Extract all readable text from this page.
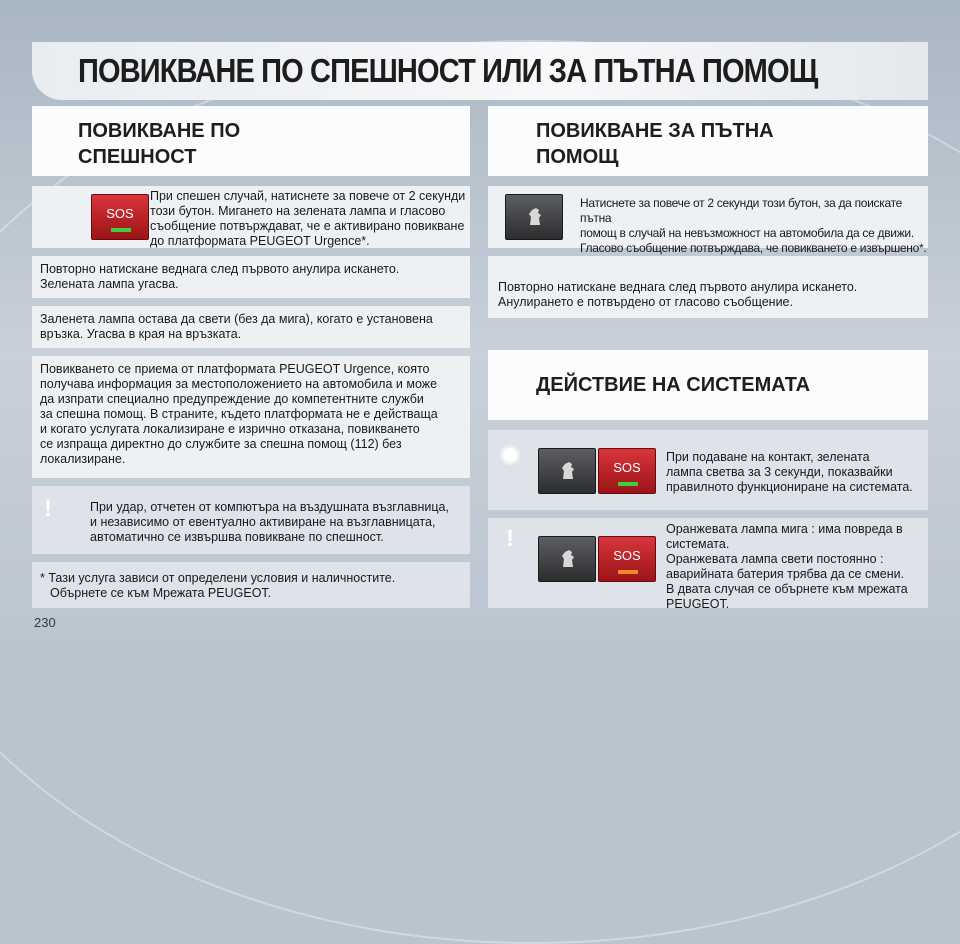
ПОВИКВАНЕ ПО СПЕШНОСТ ИЛИ ЗА ПЪТНА ПОМОЩ
ПОВИКВАНЕ ПО
СПЕШНОСТ
SOS
При спешен случай, натиснете за повече от 2 секунди
този бутон. Мигането на зелената лампа и гласово
съобщение потвърждават, че е активирано повикване
до платформата PEUGEOT Urgence*.
Повторно натискане веднага след първото анулира искането.
Зелената лампа угасва.
Заленета лампа остава да свети (без да мига), когато е установена
връзка. Угасва в края на връзката.
Повикването се приема от платформата PEUGEOT Urgence, която
получава информация за местоположението на автомобила и може
да изпрати специално предупреждение до компетентните служби
за спешна помощ. В страните, където платформата не е действаща
и когато услугата локализиране е изрично отказана, повикването
се изпраща директно до службите за спешна помощ (112) без
локализиране.
!	При удар, отчетен от компютъра на въздушната възглавница,
и независимо от евентуално активиране на възглавницата,
автоматично се извършва повикване по спешност.
* Тази услуга зависи от определени условия и наличностите.
Обърнете се към Мрежата PEUGEOT.
ПОВИКВАНЕ ЗА ПЪТНА
ПОМОЩ
Натиснете за повече от 2 секунди този бутон, за да поискате пътна
помощ в случай на невъзможност на автомобила да се движи.
Гласово съобщение потвърждава, че повикването е извършено*.
Повторно натискане веднага след първото анулира искането.
Анулирането е потвърдено от гласово съобщение.
ДЕЙСТВИЕ НА СИСТЕМАТА
SOS
При подаване на контакт, зелената
лампа светва за 3 секунди, показвайки
правилното функциониране на системата.
!
SOS
Оранжевата лампа мига : има повреда в
системата.
Оранжевата лампа свети постоянно :
аварийната батерия трябва да се смени.
В двата случая се обърнете към мрежата
PEUGEOT.
230
